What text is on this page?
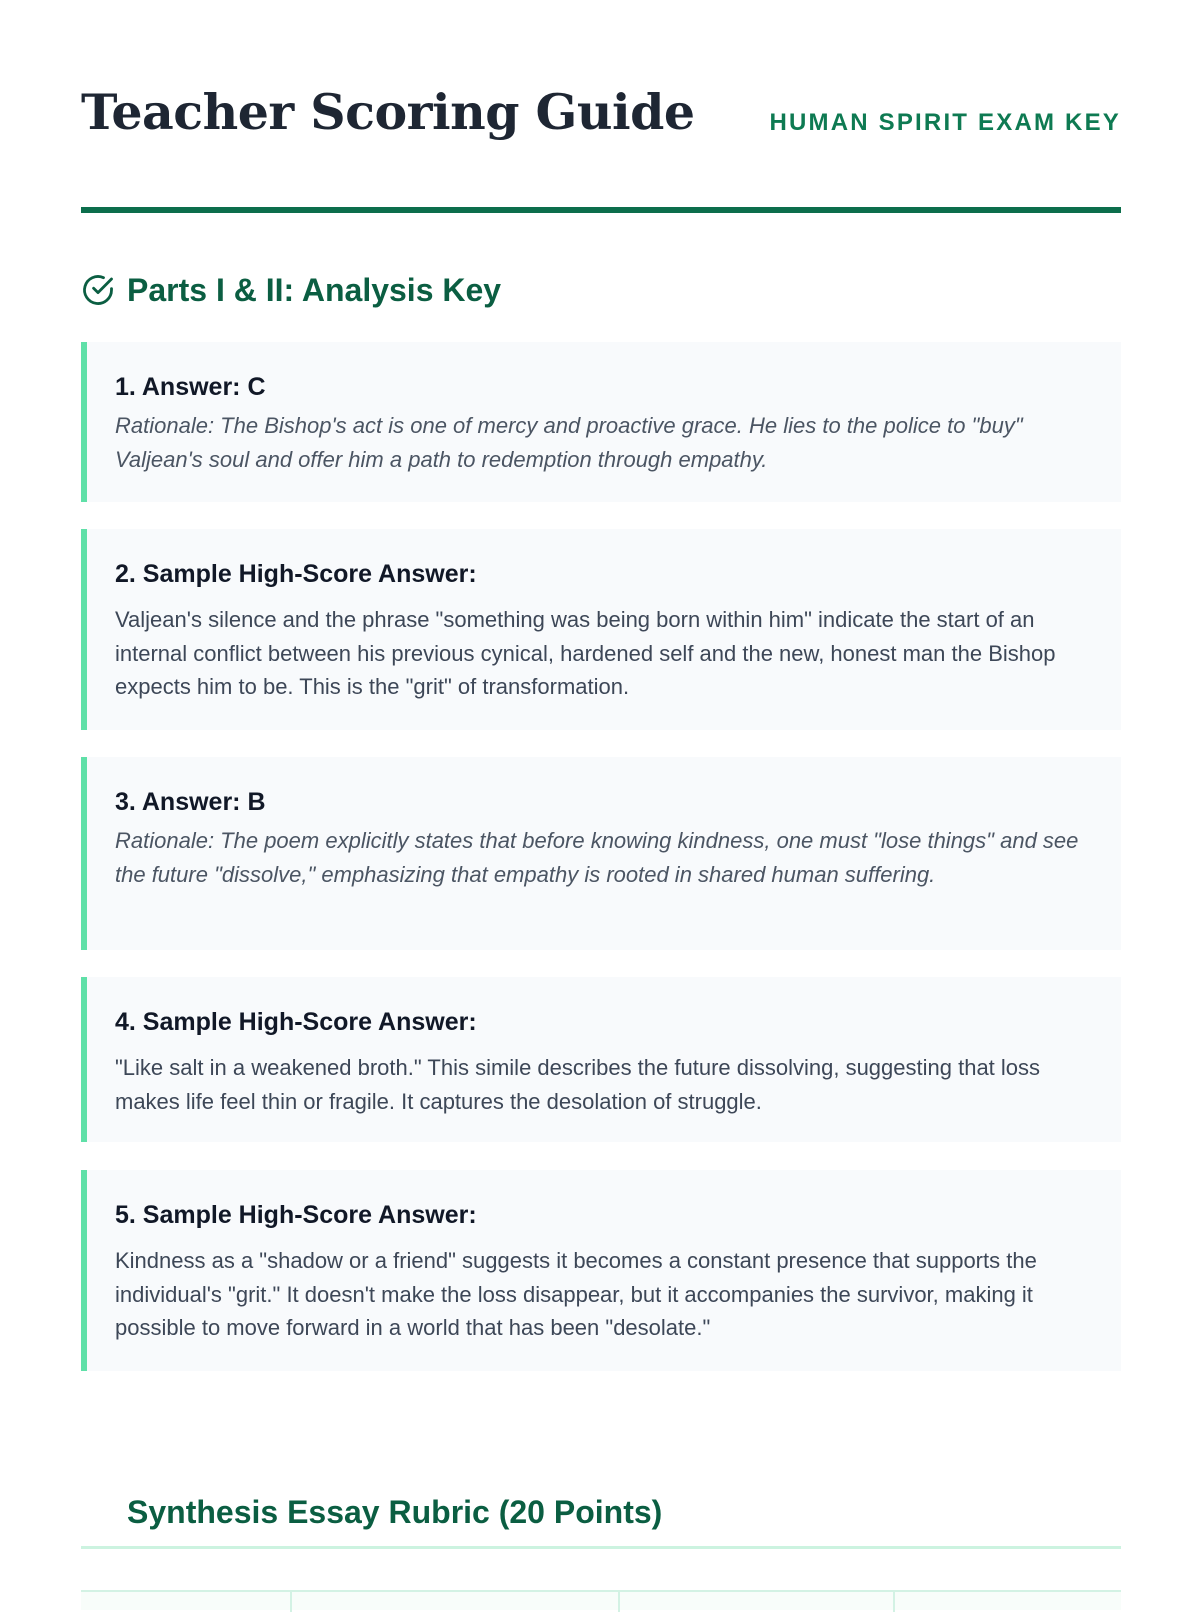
Teacher Scoring Guide	HUMAN SPIRIT EXAM KEY
Parts I & II: Analysis Key
1. Answer: C
Rationale: The Bishop's act is one of mercy and proactive grace. He lies to the police to "buy" Valjean's soul and offer him a path to redemption through empathy.
2. Sample High-Score Answer:
Valjean's silence and the phrase "something was being born within him" indicate the start of an internal conflict between his previous cynical, hardened self and the new, honest man the Bishop expects him to be. This is the "grit" of transformation.
3. Answer: B
Rationale: The poem explicitly states that before knowing kindness, one must "lose things" and see the future "dissolve," emphasizing that empathy is rooted in shared human suffering.
4. Sample High-Score Answer:
"Like salt in a weakened broth." This simile describes the future dissolving, suggesting that loss makes life feel thin or fragile. It captures the desolation of struggle.
5. Sample High-Score Answer:
Kindness as a "shadow or a friend" suggests it becomes a constant presence that supports the individual's "grit." It doesn't make the loss disappear, but it accompanies the survivor, making it possible to move forward in a world that has been "desolate."
Synthesis Essay Rubric (20 Points)
